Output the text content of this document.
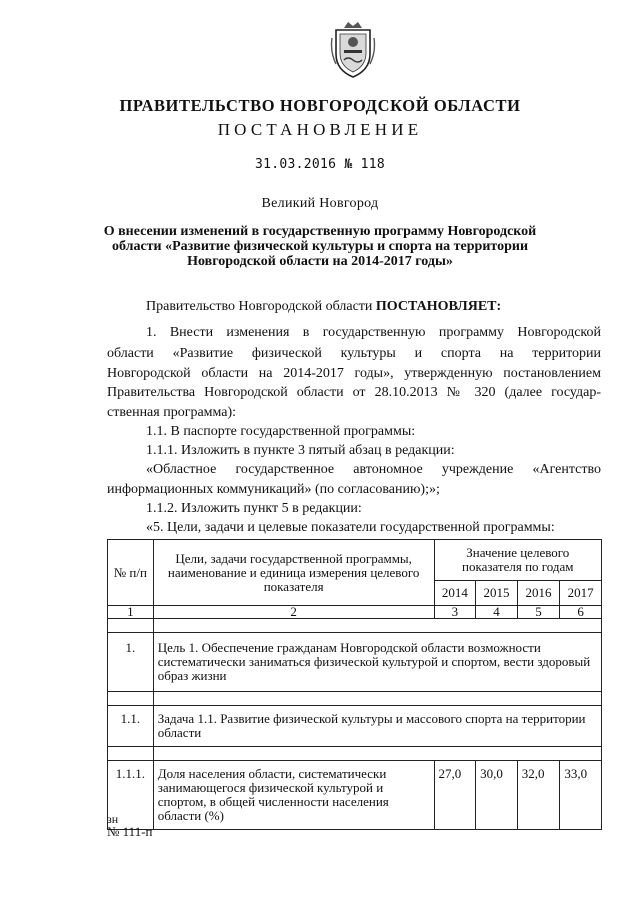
ПРАВИТЕЛЬСТВО НОВГОРОДСКОЙ ОБЛАСТИ
ПОСТАНОВЛЕНИЕ
31.03.2016 № 118
Великий Новгород
О внесении изменений в государственную программу Новгородской
области «Развитие физической культуры и спорта на территории
Новгородской области на 2014-2017 годы»
Правительство Новгородской области ПОСТАНОВЛЯЕТ:
1. Внести изменения в государственную программу Новгородской
области «Развитие физической культуры и спорта на территории
Новгородской области на 2014-2017 годы», утвержденную постановлением
Правительства Новгородской области от 28.10.2013 № 320 (далее государ-
ственная программа):
1.1. В паспорте государственной программы:
1.1.1. Изложить в пункте 3 пятый абзац в редакции:
«Областное государственное автономное учреждение «Агентство
информационных коммуникаций» (по согласованию);»;
1.1.2. Изложить пункт 5 в редакции:
«5. Цели, задачи и целевые показатели государственной программы:
№ п/п	Цели, задачи государственной программы, наименование и единица измерения целевого показателя	Значение целевого показателя по годам			
		2014	2015	2016	2017
1	2	3	4	5	6

1.	Цель 1. Обеспечение гражданам Новгородской области возможности систематически заниматься физической культурой и спортом, вести здоровый образ жизни				

1.1.	Задача 1.1. Развитие физической культуры и массового спорта на территории области				

1.1.1.	Доля населения области, систематически занимающегося физической культурой и спортом, в общей численности населения области (%)	27,0	30,0	32,0	33,0
зн
№ 111-п
